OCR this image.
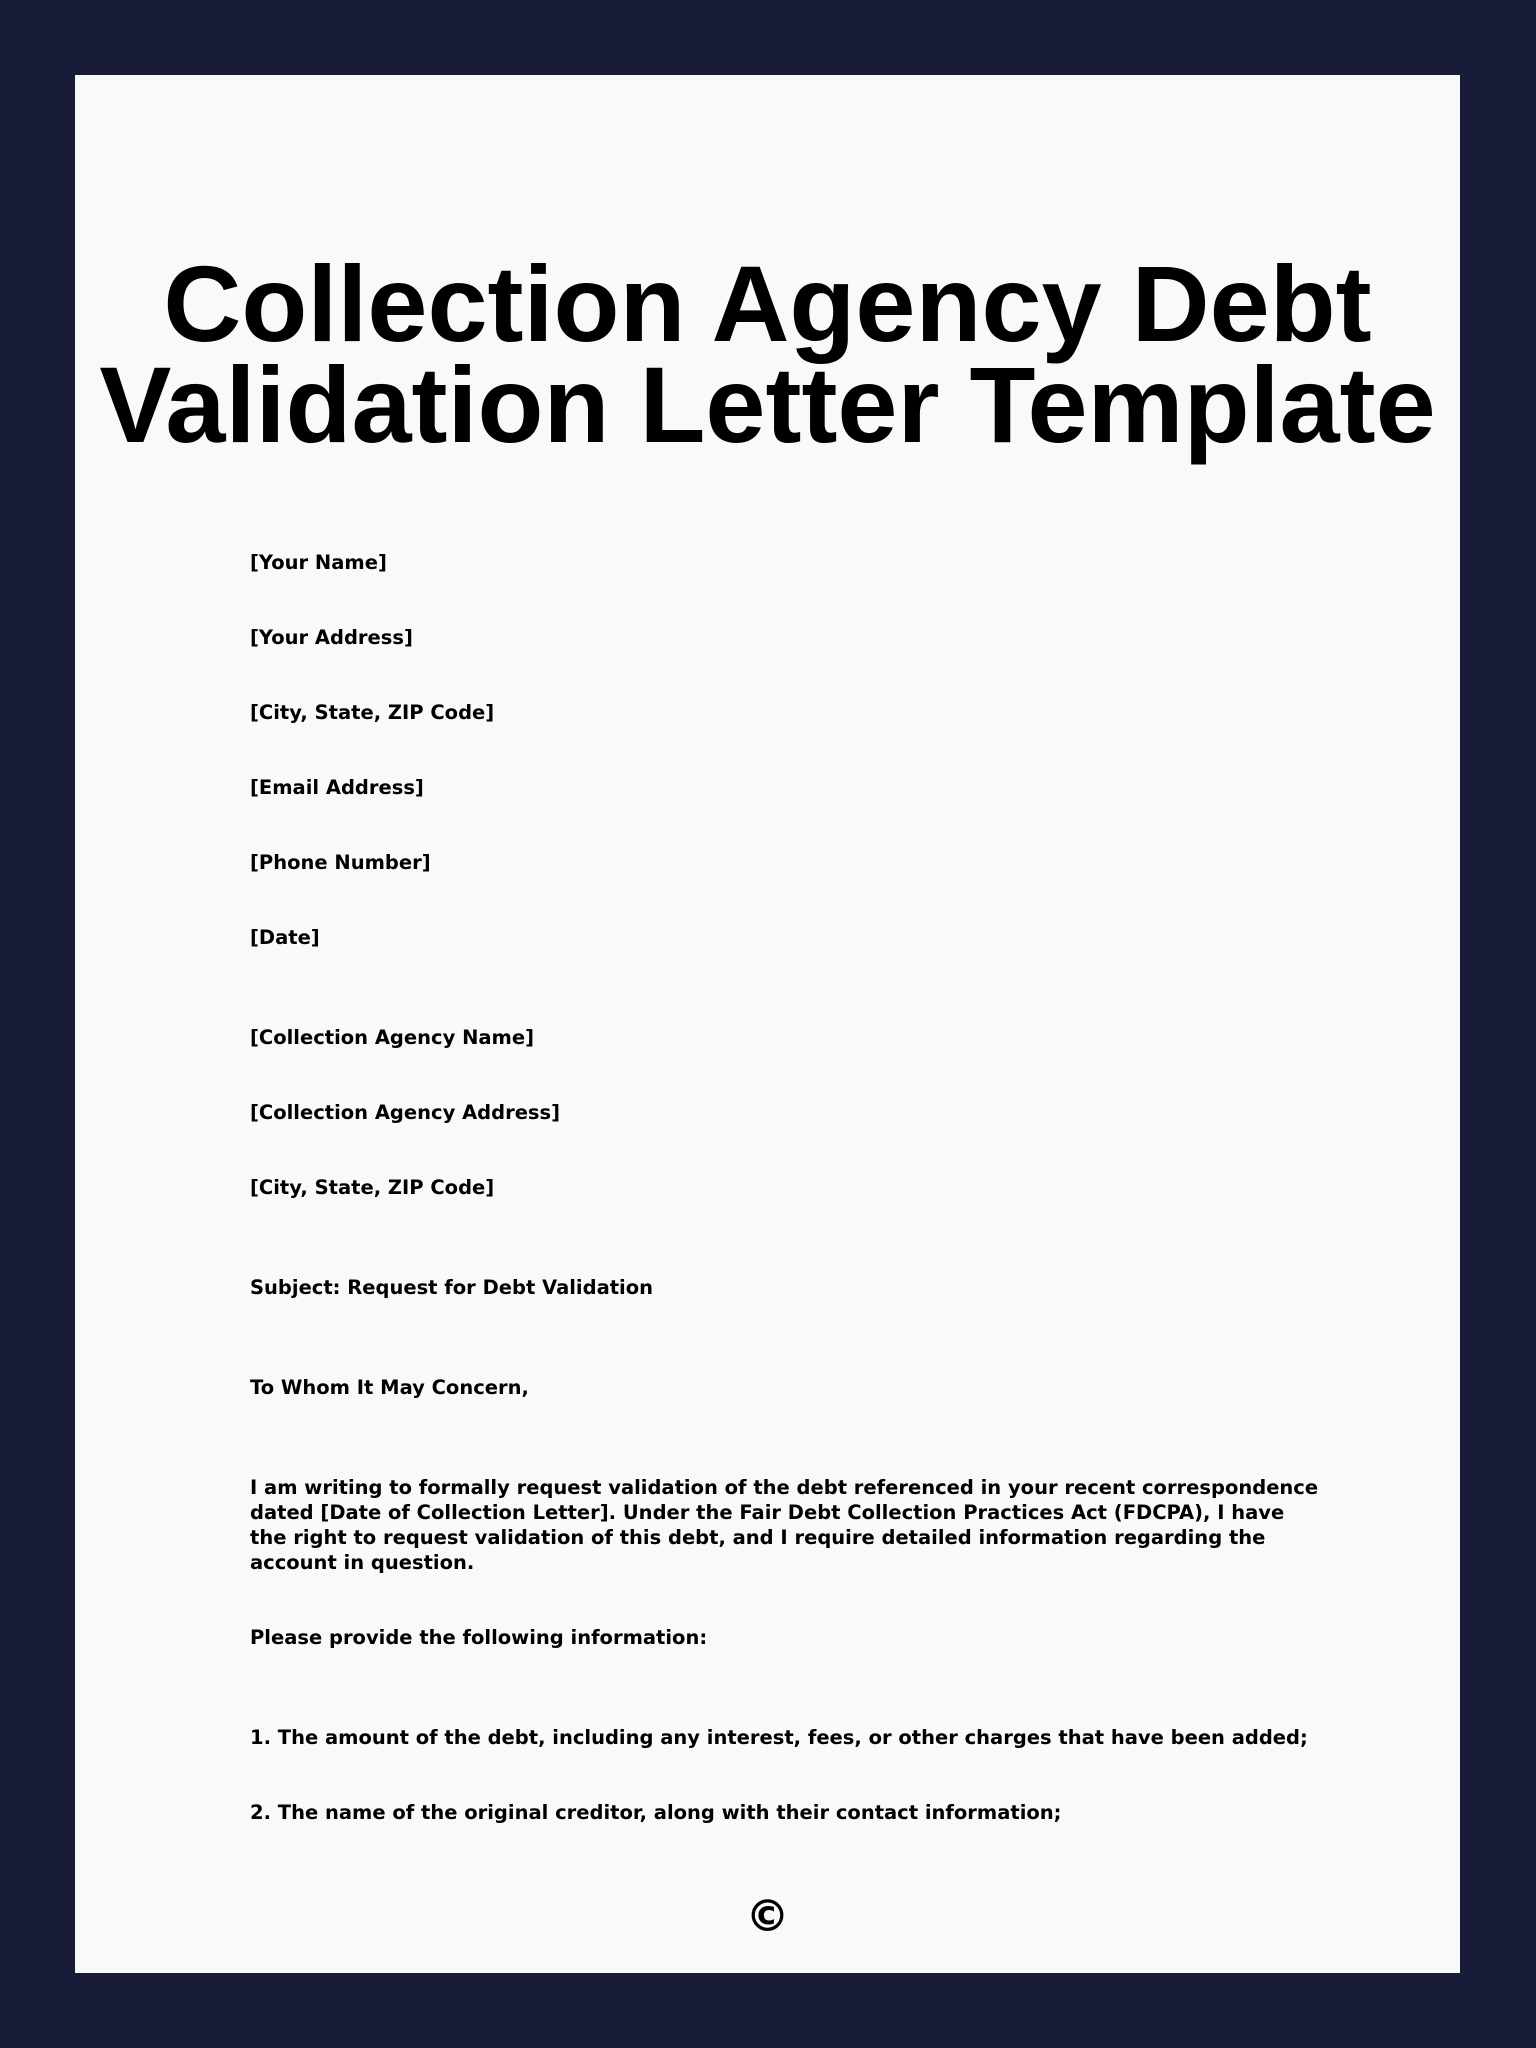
Collection Agency Debt Validation Letter Template
[Your Name]
[Your Address]
[City, State, ZIP Code]
[Email Address]
[Phone Number]
[Date]
[Collection Agency Name]
[Collection Agency Address]
[City, State, ZIP Code]
Subject: Request for Debt Validation
To Whom It May Concern,
I am writing to formally request validation of the debt referenced in your recent correspondence dated [Date of Collection Letter]. Under the Fair Debt Collection Practices Act (FDCPA), I have the right to request validation of this debt, and I require detailed information regarding the account in question.
Please provide the following information:
1. The amount of the debt, including any interest, fees, or other charges that have been added;
2. The name of the original creditor, along with their contact information;
©
